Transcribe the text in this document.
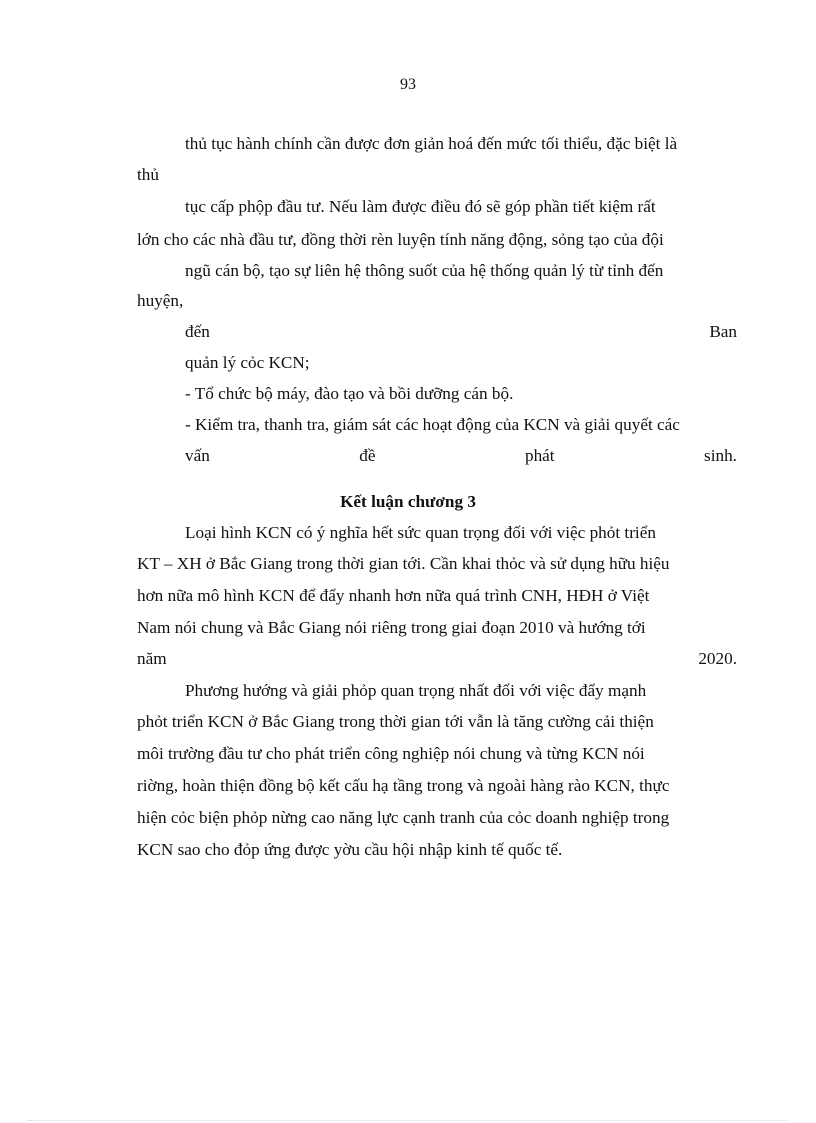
93
thủ tục hành chính cần được đơn giản hoá đến mức tối thiểu, đặc biệt là
thủ
tục cấp phộp đầu tư. Nếu làm được điều đó sẽ góp phần tiết kiệm rất
lớn cho các nhà đầu tư, đồng thời rèn luyện tính năng động, sỏng tạo của đội
ngũ cán bộ, tạo sự liên hệ thông suốt của hệ thống quản lý từ tỉnh đến
huyện,
đến	Ban
quản lý cỏc KCN;
- Tổ chức bộ máy, đào tạo và bồi dưỡng cán bộ.
- Kiểm tra, thanh tra, giám sát các hoạt động của KCN và giải quyết các
vấn	đề	phát	sinh.
Kết luận chương 3
Loại hình KCN có ý nghĩa hết sức quan trọng đối với việc phỏt triển
KT – XH ở Bắc Giang trong thời gian tới. Cần khai thỏc và sử dụng hữu hiệu
hơn nữa mô hình KCN để đẩy nhanh hơn nữa quá trình CNH, HĐH ở Việt
Nam nói chung và Bắc Giang nói riêng trong giai đoạn 2010 và hướng tới
năm	2020.
Phương hướng và giải phỏp quan trọng nhất đối với việc đẩy mạnh
phỏt triển KCN ở Bắc Giang trong thời gian tới vẫn là tăng cường cải thiện
môi trường đầu tư cho phát triển công nghiệp nói chung và từng KCN nói
riờng, hoàn thiện đồng bộ kết cấu hạ tầng trong và ngoài hàng rào KCN, thực
hiện cỏc biện phỏp nừng cao năng lực cạnh tranh của cỏc doanh nghiệp trong
KCN sao cho đỏp ứng được yờu cầu hội nhập kinh tế quốc tế.
